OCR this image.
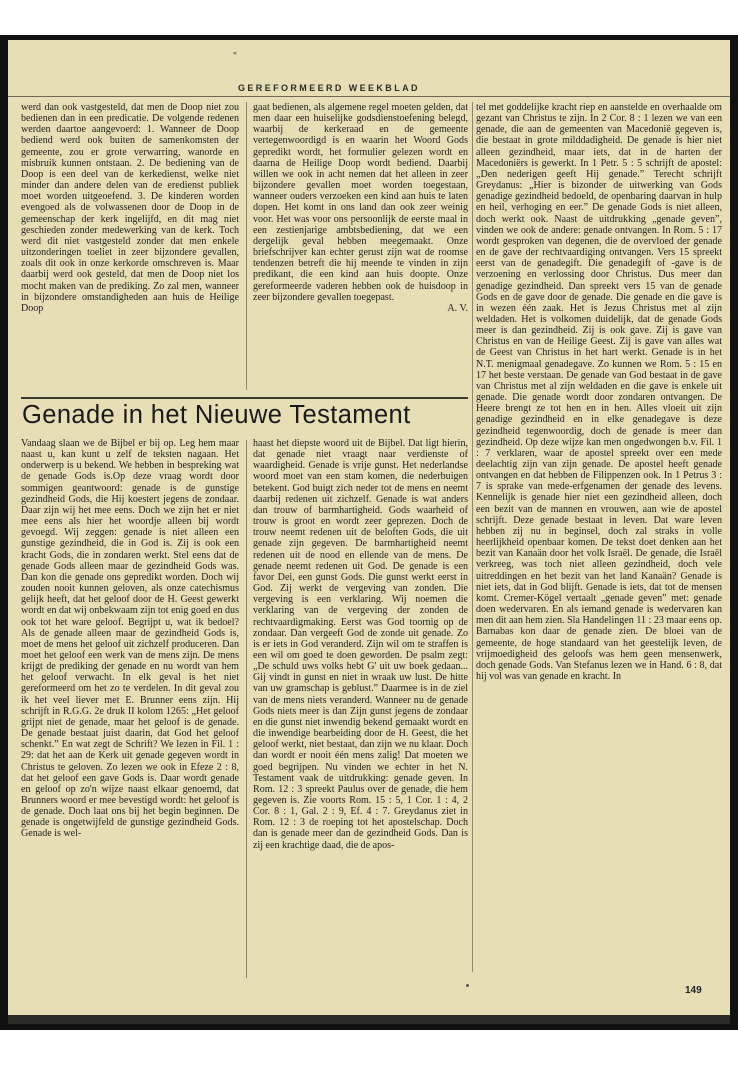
*
GEREFORMEERD WEEKBLAD

werd dan ook vastgesteld, dat men de Doop niet zou bedienen dan in een predicatie. De volgende redenen werden daartoe aangevoerd: 1. Wanneer de Doop bediend werd ook buiten de samenkomsten der gemeente, zou er grote verwarring, wanorde en misbruik kunnen ontstaan. 2. De bediening van de Doop is een deel van de kerkedienst, welke niet minder dan andere delen van de eredienst publiek moet worden uitgeoefend. 3. De kinderen worden evengoed als de volwassenen door de Doop in de gemeenschap der kerk ingelijfd, en dit mag niet geschieden zonder medewerking van de kerk. Toch werd dit niet vastgesteld zonder dat men enkele uitzonderingen toeliet in zeer bijzondere gevallen, zoals dit ook in onze kerkorde omschreven is. Maar daarbij werd ook gesteld, dat men de Doop niet los mocht maken van de prediking. Zo zal men, wanneer in bijzondere omstandigheden aan huis de Heilige Doop

gaat bedienen, als algemene regel moeten gelden, dat men daar een huiselijke godsdienstoefening belegd, waarbij de kerkeraad en de gemeente vertegenwoordigd is en waarin het Woord Gods gepredikt wordt, het formulier gelezen wordt en daarna de Heilige Doop wordt bediend. Daarbij willen we ook in acht nemen dat het alleen in zeer bijzondere gevallen moet worden toegestaan, wanneer ouders verzoeken een kind aan huis te laten dopen. Het komt in ons land dan ook zeer weinig voor. Het was voor ons persoonlijk de eerste maal in een zestienjarige ambtsbediening, dat we een dergelijk geval hebben meegemaakt. Onze briefschrijver kan echter gerust zijn wat de roomse tendenzen betreft die hij meende te vinden in zijn predikant, die een kind aan huis doopte. Onze gereformeerde vaderen hebben ook de huisdoop in zeer bijzondere gevallen toegepast.

A. V.

tel met goddelijke kracht riep en aanstelde en overhaalde om gezant van Christus te zijn. In 2 Cor. 8 : 1 lezen we van een genade, die aan de gemeenten van Macedonië gegeven is, die bestaat in grote milddadigheid. De genade is hier niet alleen gezindheid, maar iets, dat in de harten der Macedoniërs is gewerkt. In 1 Petr. 5 : 5 schrijft de apostel: „Den nederigen geeft Hij genade.” Terecht schrijft Greydanus: „Hier is bizonder de uitwerking van Gods genadige gezindheid bedoeld, de openbaring daarvan in hulp en heil, verhoging en eer.” De genade Gods is niet alleen, doch werkt ook. Naast de uitdrukking „genade geven”, vinden we ook de andere: genade ontvangen. In Rom. 5 : 17 wordt gesproken van degenen, die de overvloed der genade en de gave der rechtvaardiging ontvangen. Vers 15 spreekt eerst van de genadegift. Die genadegift of -gave is de verzoening en verlossing door Christus. Dus meer dan genadige gezindheid. Dan spreekt vers 15 van de genade Gods en de gave door de genade. Die genade en die gave is in wezen één zaak. Het is Jezus Christus met al zijn weldaden. Het is volkomen duidelijk, dat de genade Gods meer is dan gezindheid. Zij is ook gave. Zij is gave van Christus en van de Heilige Geest. Zij is gave van alles wat de Geest van Christus in het hart werkt. Genade is in het N.T. menigmaal genadegave. Zo kunnen we Rom. 5 : 15 en 17 het beste verstaan. De genade van God bestaat in de gave van Christus met al zijn weldaden en die gave is enkele uit genade. Die genade wordt door zondaren ontvangen. De Heere brengt ze tot hen en in hen. Alles vloeit uit zijn genadige gezindheid en in elke genadegave is deze gezindheid tegenwoordig, doch de genade is meer dan gezindheid. Op deze wijze kan men ongedwongen b.v. Fil. 1 : 7 verklaren, waar de apostel spreekt over een mede deelachtig zijn van zijn genade. De apostel heeft genade ontvangen en dat hebben de Filippenzen ook. In 1 Petrus 3 : 7 is sprake van mede-erfgenamen der genade des levens. Kennelijk is genade hier niet een gezindheid alleen, doch een bezit van de mannen en vrouwen, aan wie de apostel schrijft. Deze genade bestaat in leven. Dat ware leven hebben zij nu in beginsel, doch zal straks in volle heerlijkheid openbaar komen. De tekst doet denken aan het bezit van Kanaän door het volk Israël. De genade, die Israël verkreeg, was toch niet alleen gezindheid, doch vele uitreddingen en het bezit van het land Kanaän? Genade is niet iets, dat in God blijft. Genade is iets, dat tot de mensen komt. Cremer-Kögel vertaalt „genade geven” met: genade doen wedervaren. En als iemand genade is wedervaren kan men dit aan hem zien. Sla Handelingen 11 : 23 maar eens op. Barnabas kon daar de genade zien. De bloei van de gemeente, de hoge standaard van het geestelijk leven, de vrijmoedigheid des geloofs was hem geen mensenwerk, doch genade Gods. Van Stefanus lezen we in Hand. 6 : 8, dat hij vol was van genade en kracht. In

Genade in het Nieuwe Testament

Vandaag slaan we de Bijbel er bij op. Leg hem maar naast u, kan kunt u zelf de teksten nagaan. Het onderwerp is u bekend. We hebben in bespreking wat de genade Gods is.Op deze vraag wordt door sommigen geantwoord: genade is de gunstige gezindheid Gods, die Hij koestert jegens de zondaar. Daar zijn wij het mee eens. Doch we zijn het er niet mee eens als hier het woordje alleen bij wordt gevoegd. Wij zeggen: genade is niet alleen een gunstige gezindheid, die in God is. Zij is ook een kracht Gods, die in zondaren werkt. Stel eens dat de genade Gods alleen maar de gezindheid Gods was. Dan kon die genade ons gepredikt worden. Doch wij zouden nooit kunnen geloven, als onze catechismus gelijk heeft, dat het geloof door de H. Geest gewerkt wordt en dat wij onbekwaam zijn tot enig goed en dus ook tot het ware geloof. Begrijpt u, wat ik bedoel? Als de genade alleen maar de gezindheid Gods is, moet de mens het geloof uit zichzelf produceren. Dan moet het geloof een werk van de mens zijn. De mens krijgt de prediking der genade en nu wordt van hem het geloof verwacht. In elk geval is het niet gereformeerd om het zo te verdelen. In dit geval zou ik het veel liever met E. Brunner eens zijn. Hij schrijft in R.G.G. 2e druk II kolom 1265: „Het geloof grijpt niet de genade, maar het geloof is de genade. De genade bestaat juist daarin, dat God het geloof schenkt.” En wat zegt de Schrift? We lezen in Fil. 1 : 29: dat het aan de Kerk uit genade gegeven wordt in Christus te geloven. Zo lezen we ook in Efeze 2 : 8, dat het geloof een gave Gods is. Daar wordt genade en geloof op zo'n wijze naast elkaar genoemd, dat Brunners woord er mee bevestigd wordt: het geloof is de genade. Doch laat ons bij het begin beginnen. De genade is ongetwijfeld de gunstige gezindheid Gods. Genade is wel-

haast het diepste woord uit de Bijbel. Dat ligt hierin, dat genade niet vraagt naar verdienste of waardigheid. Genade is vrije gunst. Het nederlandse woord moet van een stam komen, die nederbuigen betekent. God buigt zich neder tot de mens en neemt daarbij redenen uit zichzelf. Genade is wat anders dan trouw of barmhartigheid. Gods waarheid of trouw is groot en wordt zeer geprezen. Doch de trouw neemt redenen uit de beloften Gods, die uit genade zijn gegeven. De barmhartigheid neemt redenen uit de nood en ellende van de mens. De genade neemt redenen uit God. De genade is een favor Dei, een gunst Gods. Die gunst werkt eerst in God. Zij werkt de vergeving van zonden. Die vergeving is een verklaring. Wij noemen die verklaring van de vergeving der zonden de rechtvaardigmaking. Eerst was God toornig op de zondaar. Dan vergeeft God de zonde uit genade. Zo is er iets in God veranderd. Zijn wil om te straffen is een wil om goed te doen geworden. De psalm zegt: „De schuld uws volks hebt G' uit uw boek gedaan... Gij vindt in gunst en niet in wraak uw lust. De hitte van uw gramschap is geblust.” Daarmee is in de ziel van de mens niets veranderd. Wanneer nu de genade Gods niets meer is dan Zijn gunst jegens de zondaar en die gunst niet inwendig bekend gemaakt wordt en die inwendige bearbeiding door de H. Geest, die het geloof werkt, niet bestaat, dan zijn we nu klaar. Doch dan wordt er nooit één mens zalig! Dat moeten we goed begrijpen. Nu vinden we echter in het N. Testament vaak de uitdrukking: genade geven. In Rom. 12 : 3 spreekt Paulus over de genade, die hem gegeven is. Zie voorts Rom. 15 : 5, 1 Cor. 1 : 4, 2 Cor. 8 : 1, Gal. 2 : 9, Ef. 4 : 7. Greydanus ziet in Rom. 12 : 3 de roeping tot het apostelschap. Doch dan is genade meer dan de gezindheid Gods. Dan is zij een krachtige daad, die de apos-

149
